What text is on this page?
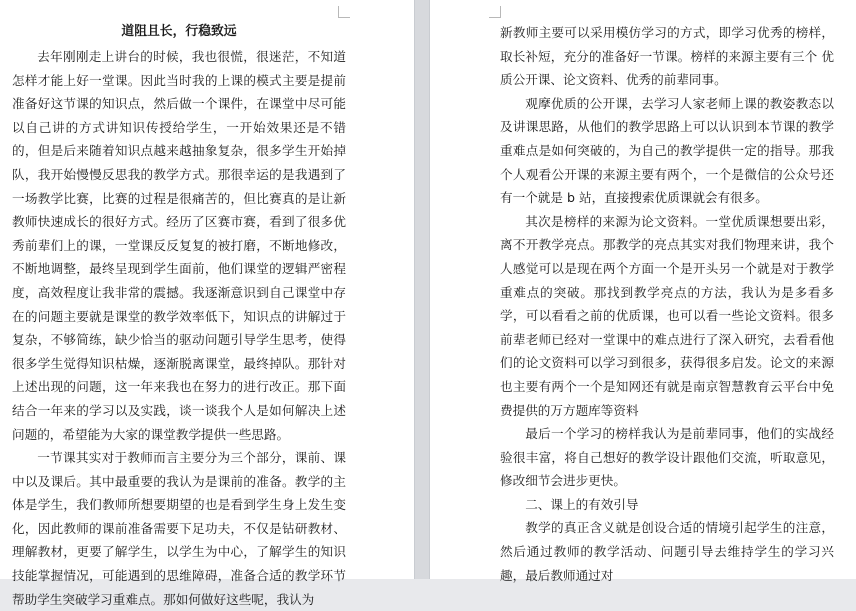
道阻且长，行稳致远

去年刚刚走上讲台的时候，我也很慌，很迷茫，不知道怎样才能上好一堂课。因此当时我的上课的模式主要是提前准备好这节课的知识点，然后做一个课件，在课堂中尽可能以自己讲的方式讲知识传授给学生，一开始效果还是不错的，但是后来随着知识点越来越抽象复杂，很多学生开始掉队，我开始慢慢反思我的教学方式。那很幸运的是我遇到了一场教学比赛，比赛的过程是很痛苦的，但比赛真的是让新教师快速成长的很好方式。经历了区赛市赛，看到了很多优秀前辈们上的课，一堂课反反复复的被打磨，不断地修改，不断地调整，最终呈现到学生面前，他们课堂的逻辑严密程度，高效程度让我非常的震撼。我逐渐意识到自己课堂中存在的问题主要就是课堂的教学效率低下，知识点的讲解过于复杂，不够简练，缺少恰当的驱动问题引导学生思考，使得很多学生觉得知识枯燥，逐渐脱离课堂，最终掉队。那针对上述出现的问题，这一年来我也在努力的进行改正。那下面结合一年来的学习以及实践，谈一谈我个人是如何解决上述问题的，希望能为大家的课堂教学提供一些思路。

一节课其实对于教师而言主要分为三个部分，课前、课中以及课后。其中最重要的我认为是课前的准备。教学的主体是学生，我们教师所想要期望的也是看到学生身上发生变化，因此教师的课前准备需要下足功夫，不仅是钻研教材、理解教材，更要了解学生，以学生为中心，了解学生的知识技能掌握情况，可能遇到的思维障碍，准备合适的教学环节帮助学生突破学习重难点。那如何做好这些呢，我认为

新教师主要可以采用模仿学习的方式，即学习优秀的榜样，取长补短，充分的准备好一节课。榜样的来源主要有三个 优质公开课、论文资料、优秀的前辈同事。

观摩优质的公开课，去学习人家老师上课的教姿教态以及讲课思路，从他们的教学思路上可以认识到本节课的教学重难点是如何突破的，为自己的教学提供一定的指导。那我个人观看公开课的来源主要有两个，一个是微信的公众号还有一个就是 b 站，直接搜索优质课就会有很多。

其次是榜样的来源为论文资料。一堂优质课想要出彩，离不开教学亮点。那教学的亮点其实对我们物理来讲，我个人感觉可以是现在两个方面一个是开头另一个就是对于教学重难点的突破。那找到教学亮点的方法，我认为是多看多学，可以看看之前的优质课，也可以看一些论文资料。很多前辈老师已经对一堂课中的难点进行了深入研究，去看看他们的论文资料可以学习到很多，获得很多启发。论文的来源也主要有两个一个是知网还有就是南京智慧教育云平台中免费提供的万方题库等资料

最后一个学习的榜样我认为是前辈同事，他们的实战经验很丰富，将自己想好的教学设计跟他们交流，听取意见，修改细节会进步更快。

二、课上的有效引导

教学的真正含义就是创设合适的情境引起学生的注意，然后通过教师的教学活动、问题引导去维持学生的学习兴趣，最后教师通过对
